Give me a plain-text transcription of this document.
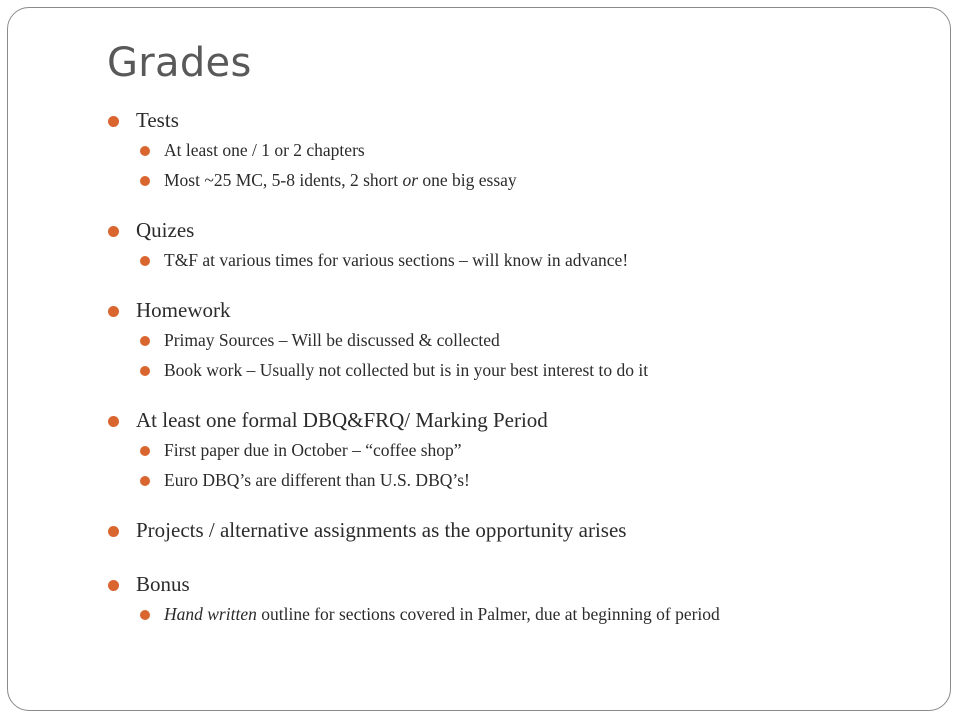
Grades
Tests
At least one / 1 or 2 chapters
Most ~25 MC, 5-8 idents, 2 short or one big essay
Quizes
T&F at various times for various sections – will know in advance!
Homework
Primay Sources – Will be discussed & collected
Book work – Usually not collected but is in your best interest to do it
At least one formal DBQ&FRQ/ Marking Period
First paper due in October – “coffee shop”
Euro DBQ’s are different than U.S. DBQ’s!
Projects / alternative assignments as the opportunity arises
Bonus
Hand written outline for sections covered in Palmer, due at beginning of period
